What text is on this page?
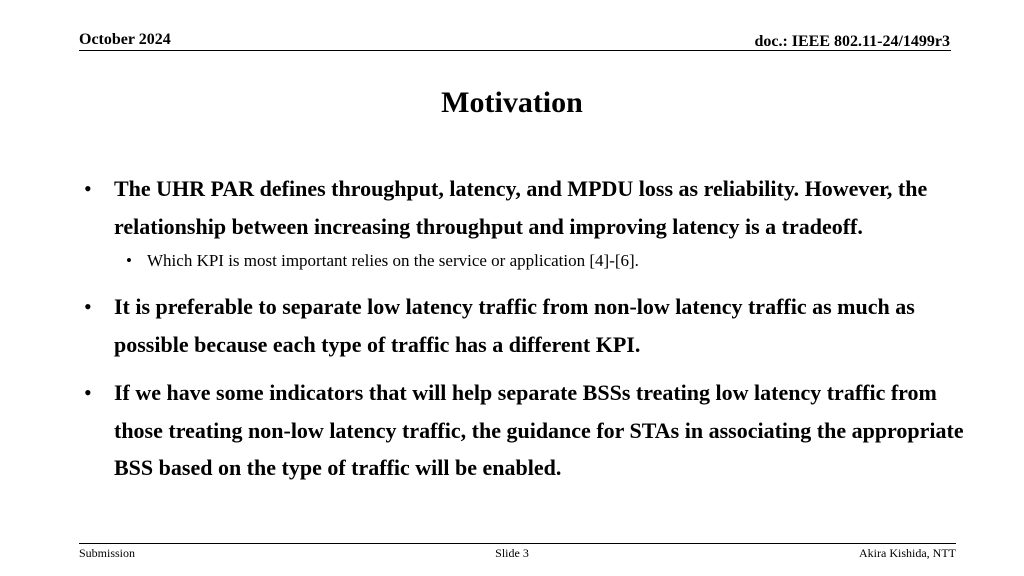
October 2024	doc.: IEEE 802.11-24/1499r3
Motivation
• The UHR PAR defines throughput, latency, and MPDU loss as reliability. However, the relationship between increasing throughput and improving latency is a tradeoff.
• Which KPI is most important relies on the service or application [4]-[6].
• It is preferable to separate low latency traffic from non-low latency traffic as much as possible because each type of traffic has a different KPI.
• If we have some indicators that will help separate BSSs treating low latency traffic from those treating non-low latency traffic, the guidance for STAs in associating the appropriate BSS based on the type of traffic will be enabled.
Submission	Slide 3	Akira Kishida, NTT
